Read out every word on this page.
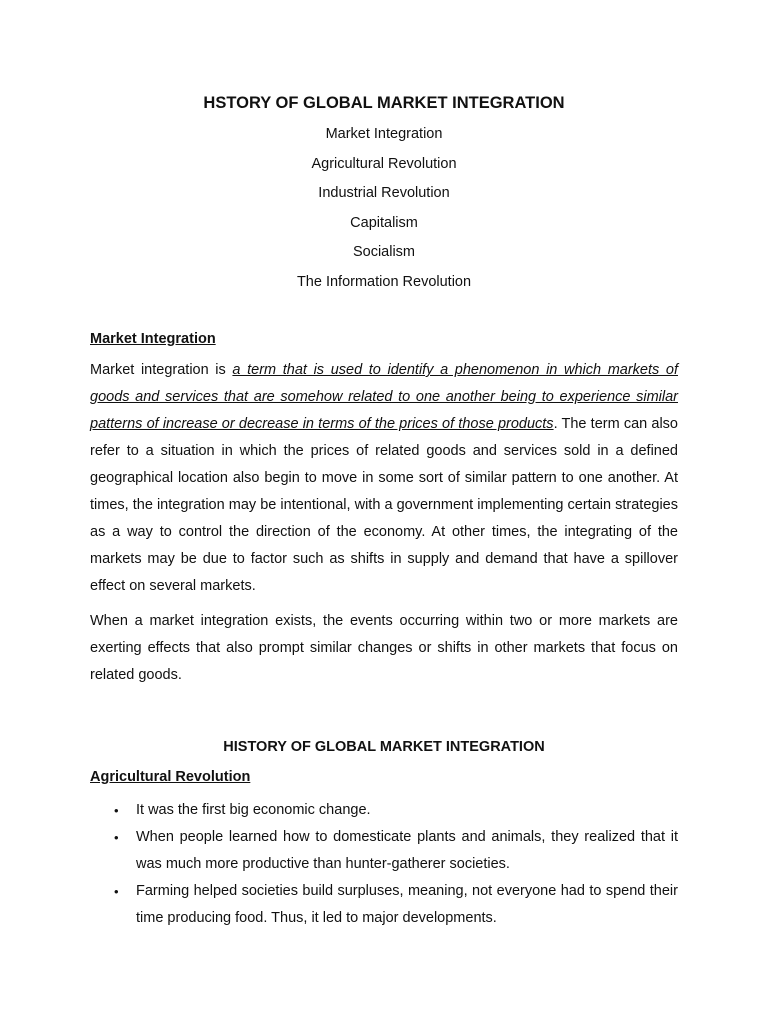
HSTORY OF GLOBAL MARKET INTEGRATION
Market Integration
Agricultural Revolution
Industrial Revolution
Capitalism
Socialism
The Information Revolution
Market Integration

Market integration is a term that is used to identify a phenomenon in which markets of goods and services that are somehow related to one another being to experience similar patterns of increase or decrease in terms of the prices of those products. The term can also refer to a situation in which the prices of related goods and services sold in a defined geographical location also begin to move in some sort of similar pattern to one another. At times, the integration may be intentional, with a government implementing certain strategies as a way to control the direction of the economy. At other times, the integrating of the markets may be due to factor such as shifts in supply and demand that have a spillover effect on several markets.

When a market integration exists, the events occurring within two or more markets are exerting effects that also prompt similar changes or shifts in other markets that focus on related goods.

HISTORY OF GLOBAL MARKET INTEGRATION
Agricultural Revolution
• It was the first big economic change.
• When people learned how to domesticate plants and animals, they realized that it was much more productive than hunter-gatherer societies.
• Farming helped societies build surpluses, meaning, not everyone had to spend their time producing food. Thus, it led to major developments.
